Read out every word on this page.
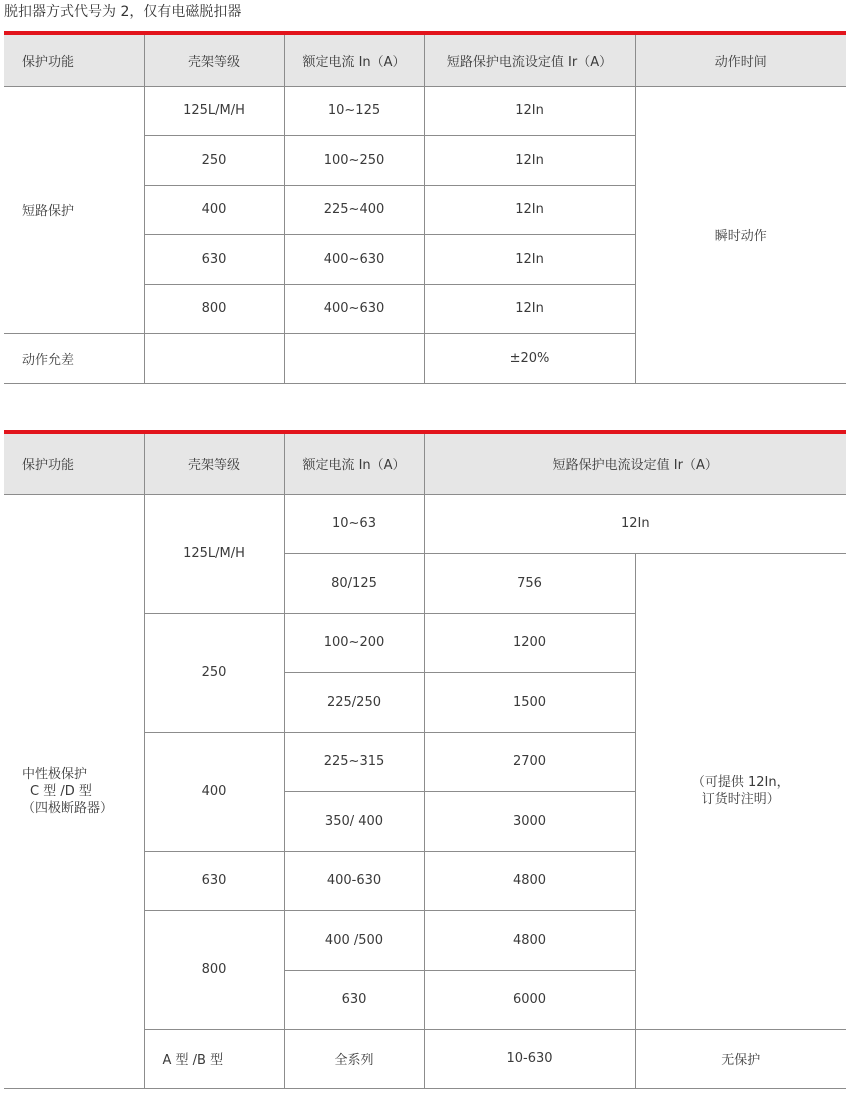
脱扣器方式代号为 2，仅有电磁脱扣器
保护功能	壳架等级	额定电流 In（A）	短路保护电流设定值 Ir（A）	动作时间
短路保护	125L/M/H	10~125	12In	瞬时动作
	250	100~250	12In	
	400	225~400	12In	
	630	400~630	12In	
	800	400~630	12In	
动作允差			±20%	
保护功能	壳架等级	额定电流 In（A）	短路保护电流设定值 Ir（A）	

中性极保护
C 型 /D 型
（四极断路器）	125L/M/H	10~63	12In	
		80/125	756	（可提供 12In，
订货时注明）

	250	100~200	1200	
		225/250	1500	
	400	225~315	2700	
		350/ 400	3000	
	630	400-630	4800	
	800	400 /500	4800	
		630	6000	
	A 型 /B 型	全系列	10-630	无保护
